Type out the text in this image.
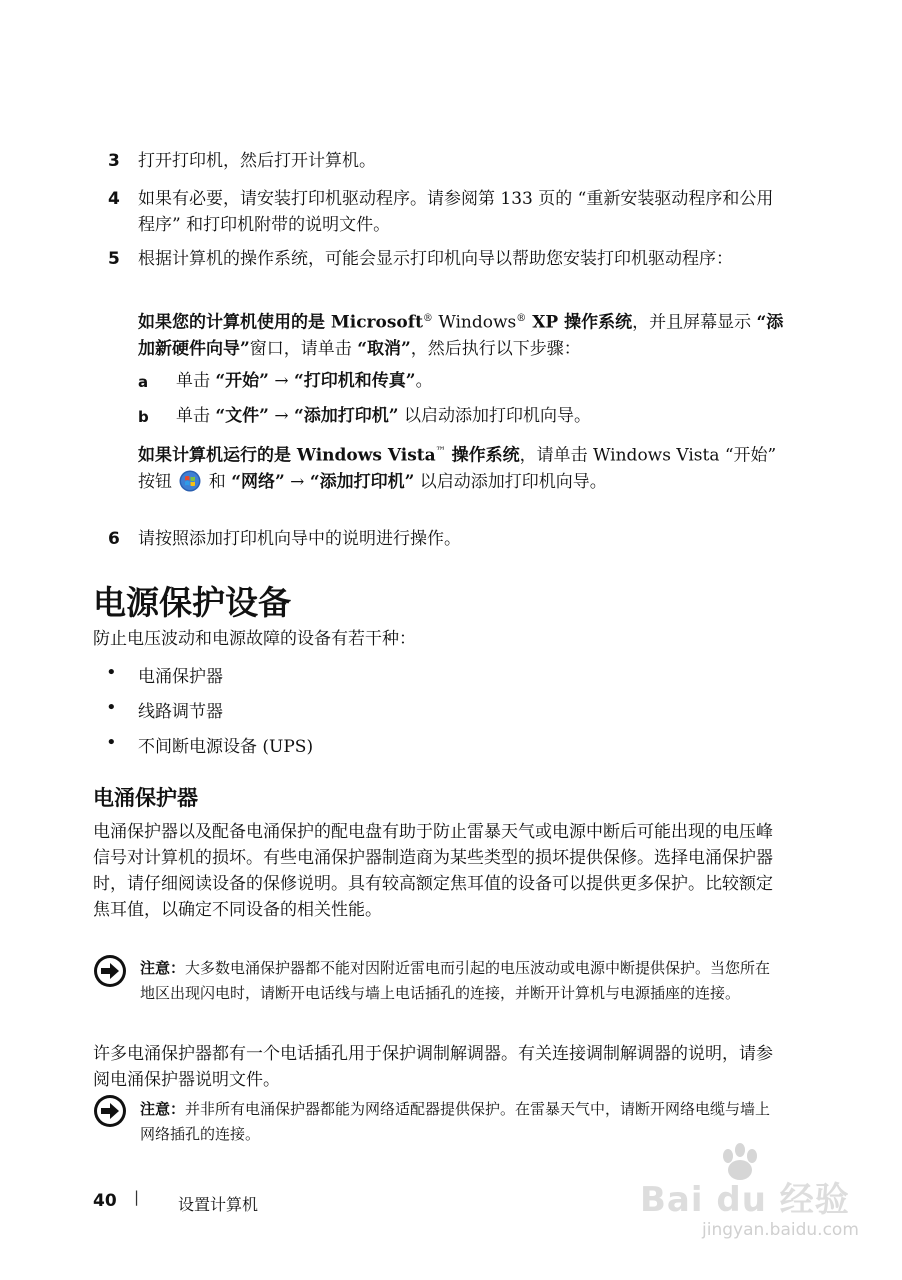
3 打开打印机，然后打开计算机。
4 如果有必要，请安装打印机驱动程序。请参阅第 133 页的 “重新安装驱动程序和公用程序” 和打印机附带的说明文件。
5 根据计算机的操作系统，可能会显示打印机向导以帮助您安装打印机驱动程序：
如果您的计算机使用的是 Microsoft® Windows® XP 操作系统，并且屏幕显示 “添加新硬件向导”窗口，请单击 “取消”，然后执行以下步骤：
a 单击 “开始” → “打印机和传真”。
b 单击 “文件” → “添加打印机” 以启动添加打印机向导。
如果计算机运行的是 Windows Vista™ 操作系统，请单击 Windows Vista “开始” 按钮  和 “网络” → “添加打印机” 以启动添加打印机向导。
6 请按照添加打印机向导中的说明进行操作。
电源保护设备
防止电压波动和电源故障的设备有若干种：
• 电涌保护器
• 线路调节器
• 不间断电源设备 (UPS)
电涌保护器
电涌保护器以及配备电涌保护的配电盘有助于防止雷暴天气或电源中断后可能出现的电压峰信号对计算机的损坏。有些电涌保护器制造商为某些类型的损坏提供保修。选择电涌保护器时，请仔细阅读设备的保修说明。具有较高额定焦耳值的设备可以提供更多保护。比较额定焦耳值，以确定不同设备的相关性能。
注意：大多数电涌保护器都不能对因附近雷电而引起的电压波动或电源中断提供保护。当您所在地区出现闪电时，请断开电话线与墙上电话插孔的连接，并断开计算机与电源插座的连接。
许多电涌保护器都有一个电话插孔用于保护调制解调器。有关连接调制解调器的说明，请参阅电涌保护器说明文件。
注意：并非所有电涌保护器都能为网络适配器提供保护。在雷暴天气中，请断开网络电缆与墙上网络插孔的连接。
40 | 设置计算机	Bai du 经验
jingyan.baidu.com
